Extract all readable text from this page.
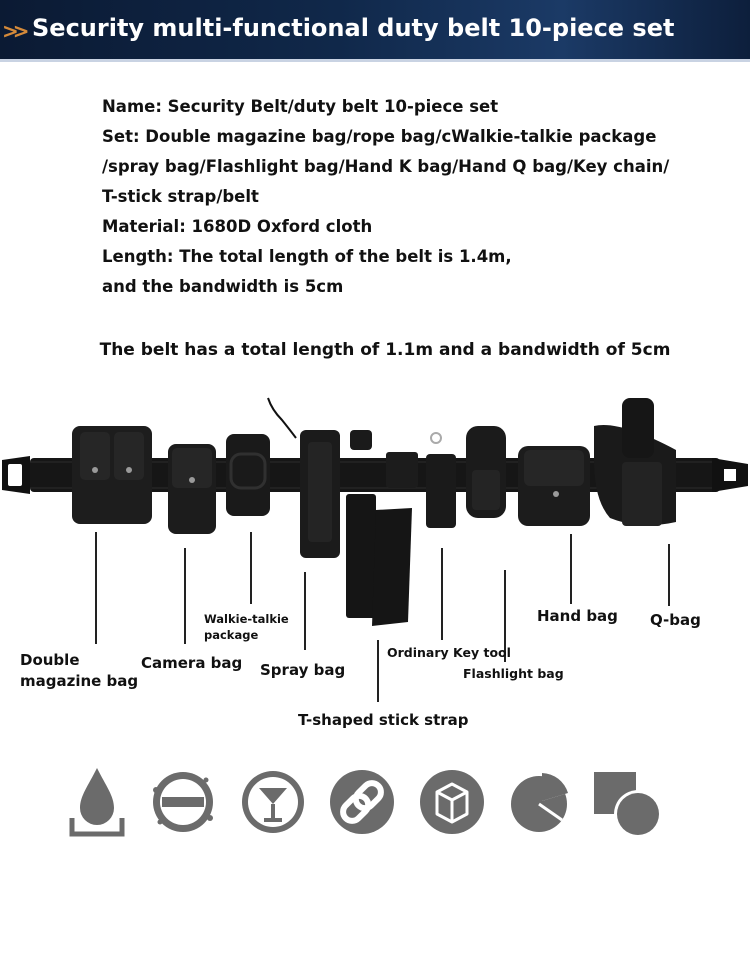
>> Security multi-functional duty belt 10-piece set
Name: Security Belt/duty belt 10-piece set
Set: Double magazine bag/rope bag/cWalkie-talkie package
/spray bag/Flashlight bag/Hand K bag/Hand Q bag/Key chain/
T-stick strap/belt
Material: 1680D Oxford cloth
Length: The total length of the belt is 1.4m,
and the bandwidth is 5cm
The belt has a total length of 1.1m and a bandwidth of 5cm
Double
magazine bag
Camera bag
Walkie-talkie
package
Spray bag
T-shaped stick strap
Ordinary Key tool
Flashlight bag
Hand bag Q-bag
